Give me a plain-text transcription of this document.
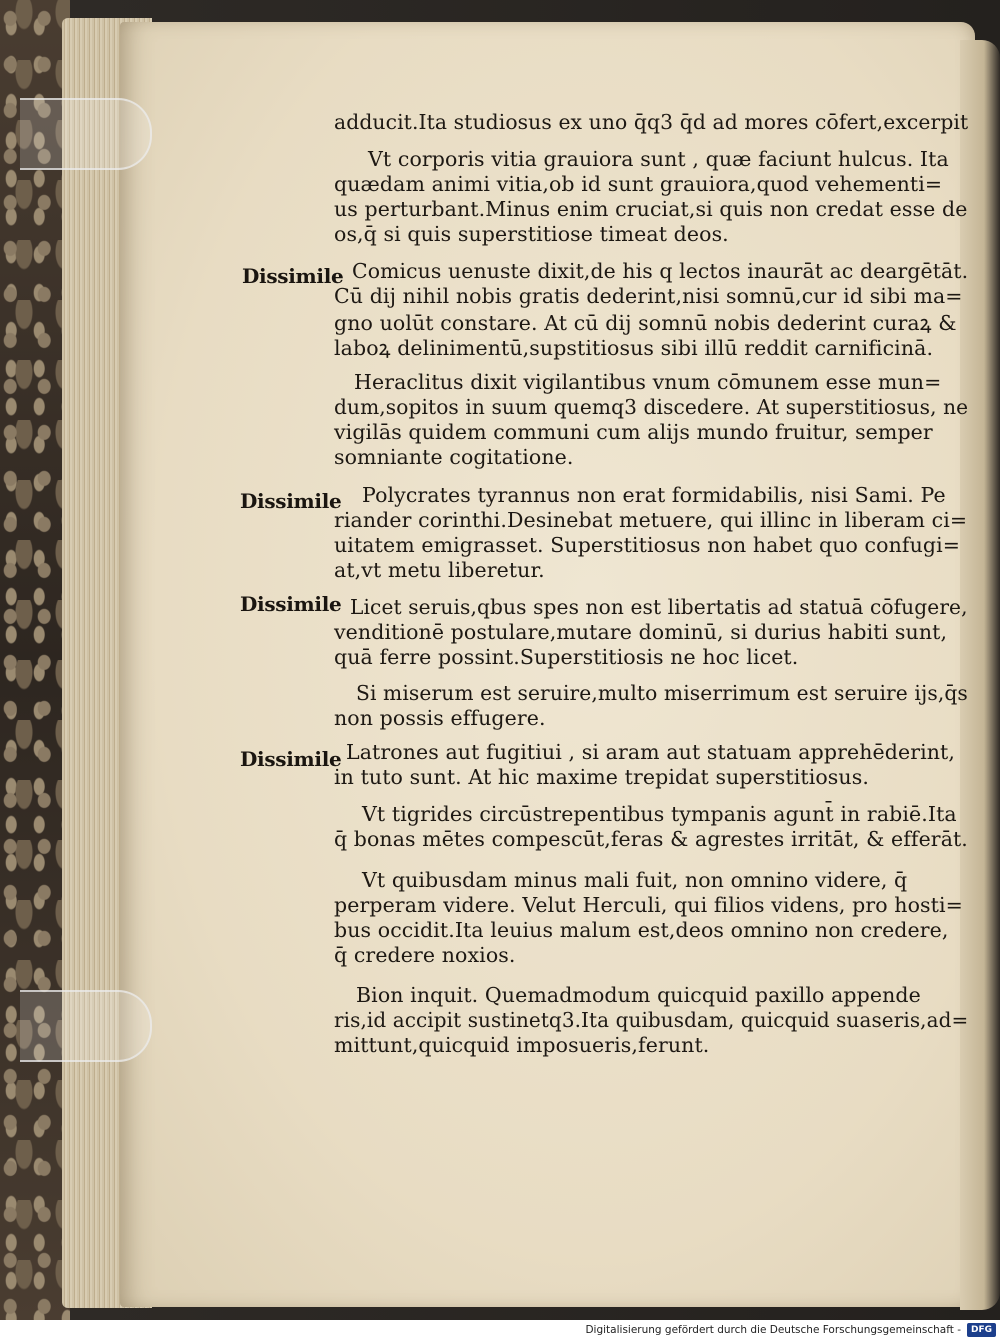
adducit.Ita studiosus ex uno q̄q3 q̄d ad mores cōfert,excerpit
Vt corporis vitia grauiora sunt , quæ faciunt hulcus. Ita
quædam animi vitia,ob id sunt grauiora,quod vehementi=
us perturbant.Minus enim cruciat,si quis non credat esse de
os,q̄ si quis superstitiose timeat deos.
Dissimile Comicus uenuste dixit,de his q lectos inaurāt ac deargētāt.
Cū dij nihil nobis gratis dederint,nisi somnū,cur id sibi ma=
gno uolūt constare. At cū dij somnū nobis dederint curaꝝ &
laboꝝ delinimentū,supstitiosus sibi illū reddit carnificinā.
Heraclitus dixit vigilantibus vnum cōmunem esse mun=
dum,sopitos in suum quemq3 discedere. At superstitiosus, ne
vigilās quidem communi cum alijs mundo fruitur, semper
somniante cogitatione.
Dissimile Polycrates tyrannus non erat formidabilis, nisi Sami. Pe
riander corinthi.Desinebat metuere, qui illinc in liberam ci=
uitatem emigrasset. Superstitiosus non habet quo confugi=
at,vt metu liberetur.
Dissimile Licet seruis,qbus spes non est libertatis ad statuā cōfugere,
venditionē postulare,mutare dominū, si durius habiti sunt,
quā ferre possint.Superstitiosis ne hoc licet.
Si miserum est seruire,multo miserrimum est seruire ijs,q̄s
non possis effugere.
Dissimile Latrones aut fugitiui , si aram aut statuam apprehēderint,
in tuto sunt. At hic maxime trepidat superstitiosus.
Vt tigrides circūstrepentibus tympanis agunt̄ in rabiē.Ita
q̄ bonas mētes compescūt,feras & agrestes irritāt, & efferāt.
Vt quibusdam minus mali fuit, non omnino videre, q̄
perperam videre. Velut Herculi, qui filios videns, pro hosti=
bus occidit.Ita leuius malum est,deos omnino non credere,
q̄ credere noxios.
Bion inquit. Quemadmodum quicquid paxillo appende
ris,id accipit sustinetq3.Ita quibusdam, quicquid suaseris,ad=
mittunt,quicquid imposueris,ferunt.
Digitalisierung gefördert durch die Deutsche Forschungsgemeinschaft -	DFG
